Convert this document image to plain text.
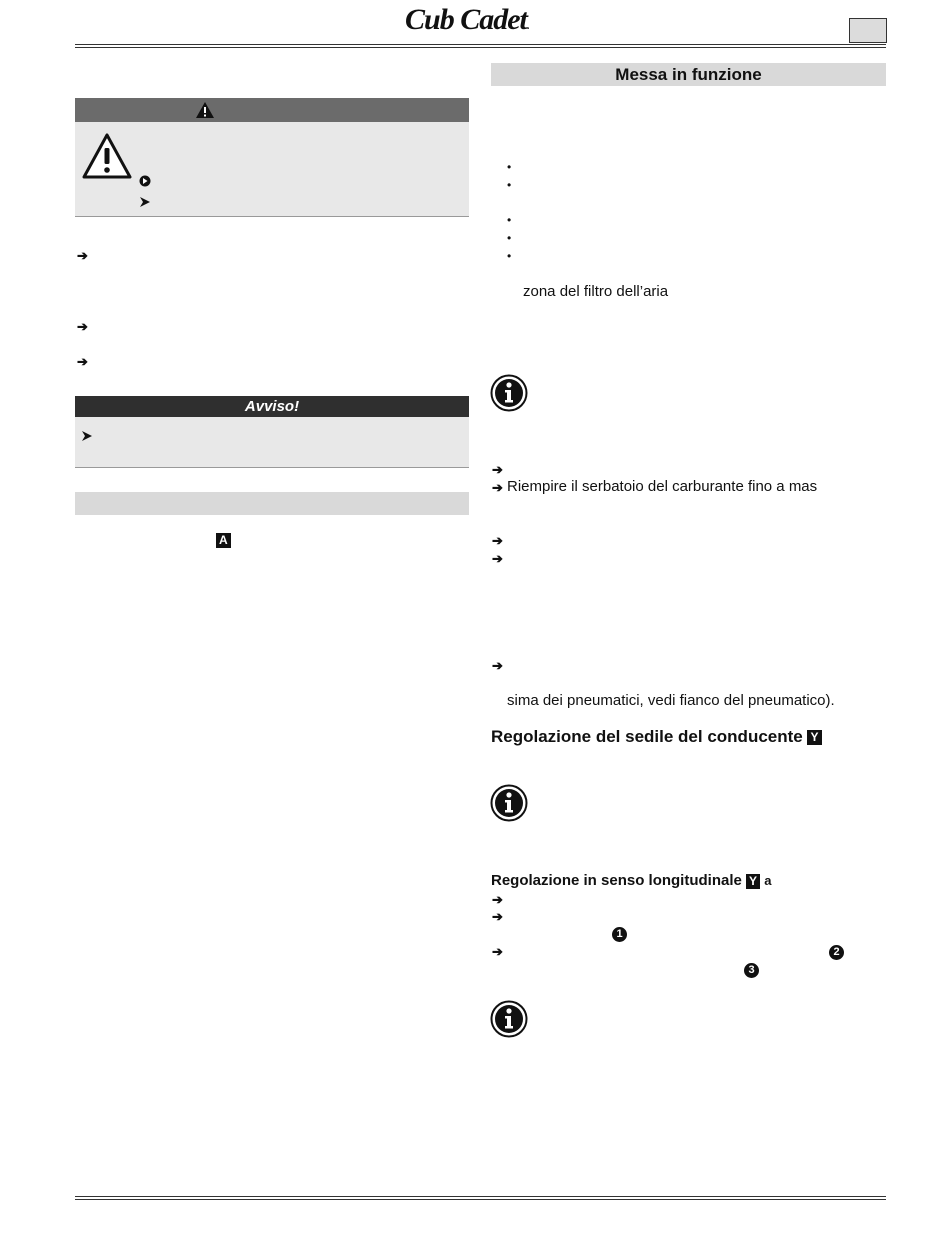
Cub Cadet.
➔
➔
➔
Avviso!
A
Messa in funzione
•
•
•
•
•
zona del filtro dell’aria
➔
➔ Riempire il serbatoio del carburante fino a mas
➔
➔
➔
sima dei pneumatici, vedi fianco del pneumatico).
Regolazione del sedile del conducente Y
Regolazione in senso longitudinale Y a
➔
➔
1
➔	2
3
